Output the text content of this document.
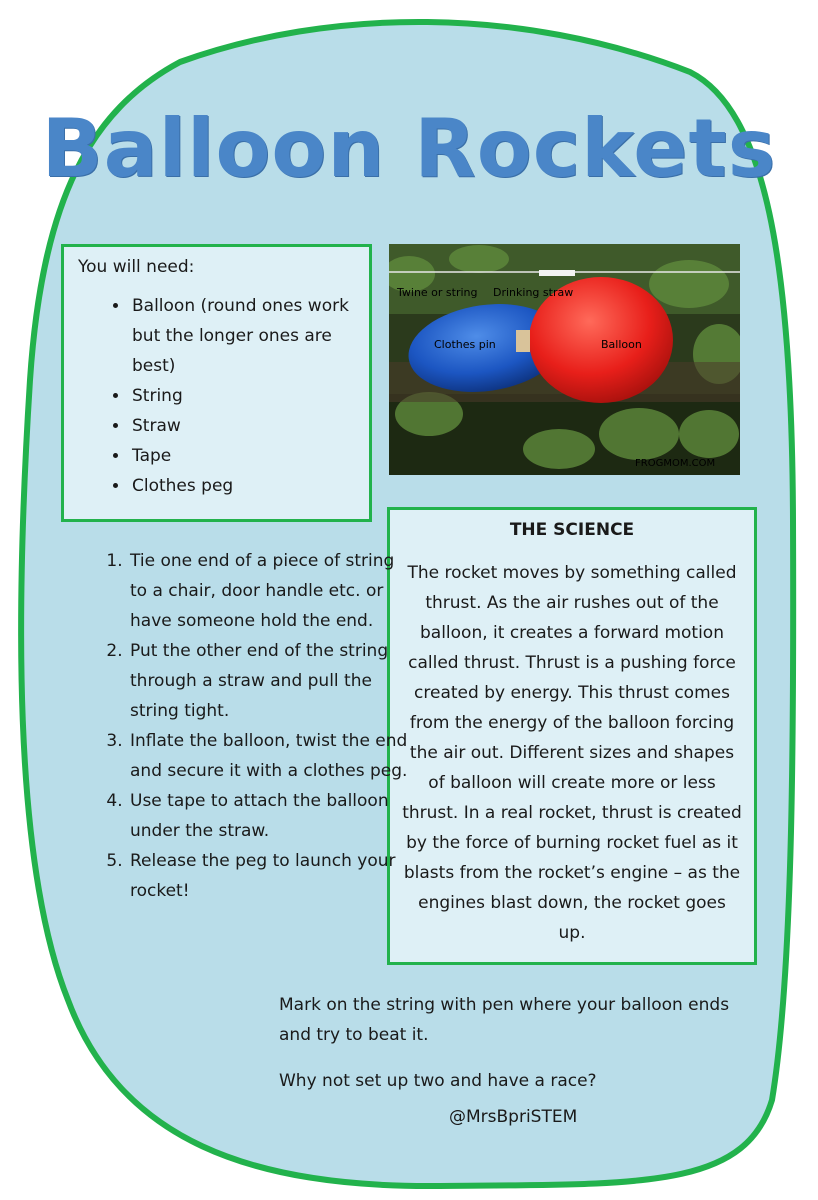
Balloon Rockets
You will need:
• Balloon (round ones work but the longer ones are best)
• String
• Straw
• Tape
• Clothes peg
Twine or string Drinking straw
Clothes pin	Balloon
FROGMOM.COM
THE SCIENCE

The rocket moves by something called thrust. As the air rushes out of the balloon, it creates a forward motion called thrust. Thrust is a pushing force created by energy. This thrust comes from the energy of the balloon forcing the air out. Different sizes and shapes of balloon will create more or less thrust. In a real rocket, thrust is created by the force of burning rocket fuel as it blasts from the rocket’s engine – as the engines blast down, the rocket goes up.

1. Tie one end of a piece of string to a chair, door handle etc. or have someone hold the end.
2. Put the other end of the string through a straw and pull the string tight.
3. Inflate the balloon, twist the end and secure it with a clothes peg.
4. Use tape to attach the balloon under the straw.
5. Release the peg to launch your rocket!
Mark on the string with pen where your balloon ends and try to beat it.
Why not set up two and have a race?
@MrsBpriSTEM
